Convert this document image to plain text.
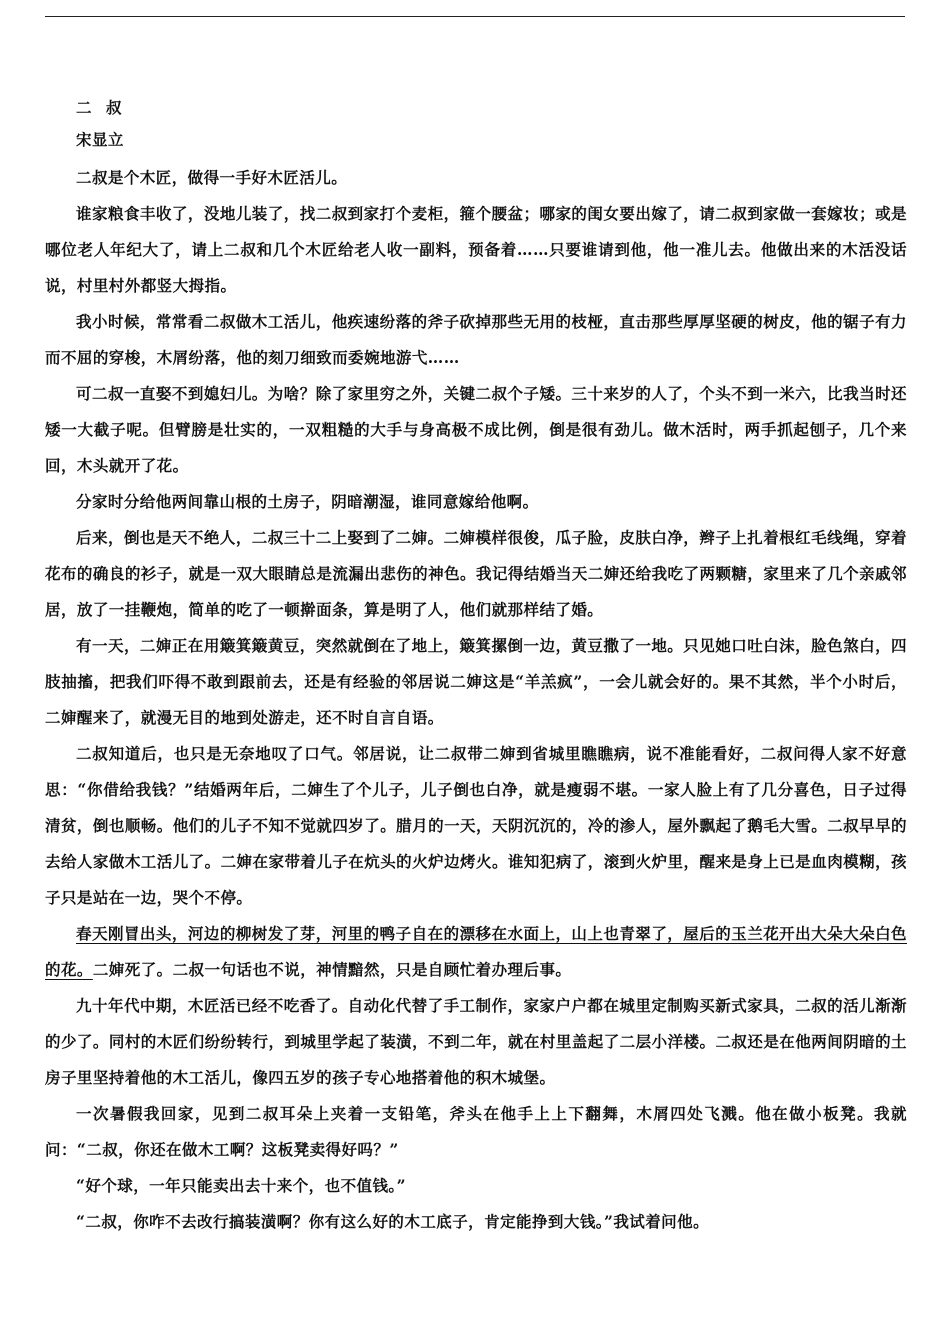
二 叔

宋显立

二叔是个木匠，做得一手好木匠活儿。

谁家粮食丰收了，没地儿装了，找二叔到家打个麦柜，箍个腰盆；哪家的闺女要出嫁了，请二叔到家做一套嫁妆；或是哪位老人年纪大了，请上二叔和几个木匠给老人收一副料，预备着……只要谁请到他，他一准儿去。他做出来的木活没话说，村里村外都竖大拇指。

我小时候，常常看二叔做木工活儿，他疾速纷落的斧子砍掉那些无用的枝桠，直击那些厚厚坚硬的树皮，他的锯子有力而不屈的穿梭，木屑纷落，他的刻刀细致而委婉地游弋……

可二叔一直娶不到媳妇儿。为啥？除了家里穷之外，关键二叔个子矮。三十来岁的人了，个头不到一米六，比我当时还矮一大截子呢。但臂膀是壮实的，一双粗糙的大手与身高极不成比例，倒是很有劲儿。做木活时，两手抓起刨子，几个来回，木头就开了花。

分家时分给他两间靠山根的土房子，阴暗潮湿，谁同意嫁给他啊。

后来，倒也是天不绝人，二叔三十二上娶到了二婶。二婶模样很俊，瓜子脸，皮肤白净，辫子上扎着根红毛线绳，穿着花布的确良的衫子，就是一双大眼睛总是流漏出悲伤的神色。我记得结婚当天二婶还给我吃了两颗糖，家里来了几个亲戚邻居，放了一挂鞭炮，简单的吃了一顿擀面条，算是明了人，他们就那样结了婚。

有一天，二婶正在用簸箕簸黄豆，突然就倒在了地上，簸箕摞倒一边，黄豆撒了一地。只见她口吐白沫，脸色煞白，四肢抽搐，把我们吓得不敢到跟前去，还是有经验的邻居说二婶这是“羊羔疯”，一会儿就会好的。果不其然，半个小时后，二婶醒来了，就漫无目的地到处游走，还不时自言自语。

二叔知道后，也只是无奈地叹了口气。邻居说，让二叔带二婶到省城里瞧瞧病，说不准能看好，二叔问得人家不好意思：“你借给我钱？”结婚两年后，二婶生了个儿子，儿子倒也白净，就是瘦弱不堪。一家人脸上有了几分喜色，日子过得清贫，倒也顺畅。他们的儿子不知不觉就四岁了。腊月的一天，天阴沉沉的，冷的渗人，屋外飘起了鹅毛大雪。二叔早早的去给人家做木工活儿了。二婶在家带着儿子在炕头的火炉边烤火。谁知犯病了，滚到火炉里，醒来是身上已是血肉模糊，孩子只是站在一边，哭个不停。

春天刚冒出头，河边的柳树发了芽，河里的鸭子自在的漂移在水面上，山上也青翠了，屋后的玉兰花开出大朵大朵白色的花。二婶死了。二叔一句话也不说，神情黯然，只是自顾忙着办理后事。

九十年代中期，木匠活已经不吃香了。自动化代替了手工制作，家家户户都在城里定制购买新式家具，二叔的活儿渐渐的少了。同村的木匠们纷纷转行，到城里学起了装潢，不到二年，就在村里盖起了二层小洋楼。二叔还是在他两间阴暗的土房子里坚持着他的木工活儿，像四五岁的孩子专心地搭着他的积木城堡。

一次暑假我回家，见到二叔耳朵上夹着一支铅笔，斧头在他手上上下翻舞，木屑四处飞溅。他在做小板凳。我就问：“二叔，你还在做木工啊？这板凳卖得好吗？”

“好个球，一年只能卖出去十来个，也不值钱。”

“二叔，你咋不去改行搞装潢啊？你有这么好的木工底子，肯定能挣到大钱。”我试着问他。
